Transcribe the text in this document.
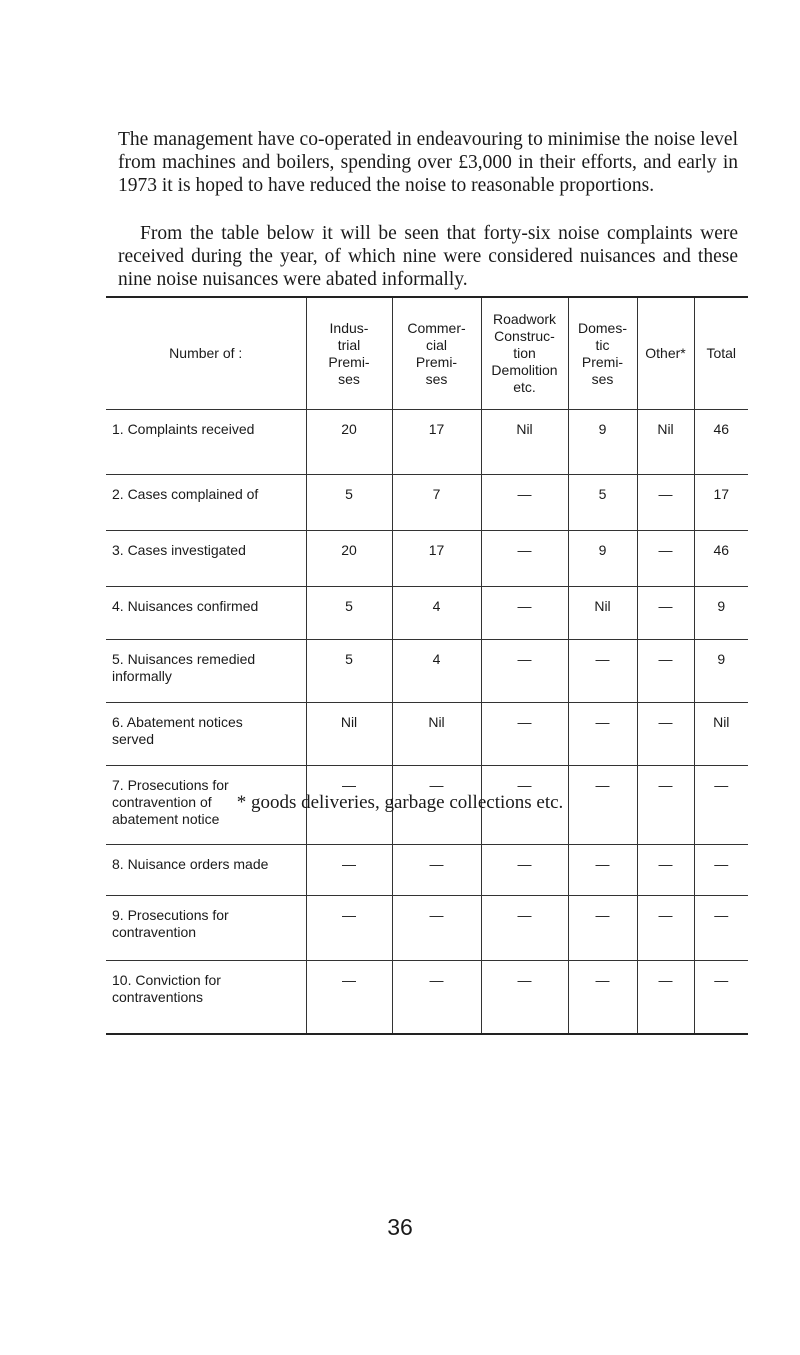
The management have co-operated in endeavouring to minimise the noise level from machines and boilers, spending over £3,000 in their efforts, and early in 1973 it is hoped to have reduced the noise to reasonable proportions.

From the table below it will be seen that forty-six noise complaints were received during the year, of which nine were considered nuisances and these nine noise nuisances were abated informally.

Number of :	Indus-
trial
Premi-
ses	Commer-
cial
Premi-
ses	Roadwork
Construc-
tion
Demolition
etc.	Domes-
tic
Premi-
ses	Other*	Total
1. Complaints received	20	17	Nil	9	Nil	46
2. Cases complained of	5	7	—	5	—	17
3. Cases investigated	20	17	—	9	—	46
4. Nuisances confirmed	5	4	—	Nil	—	9
5. Nuisances remedied
informally	5	4	—	—	—	9
6. Abatement notices
served	Nil	Nil	—	—	—	Nil
7. Prosecutions for
contravention of
abatement notice	—	—	—	—	—	—
8. Nuisance orders made	—	—	—	—	—	—
9. Prosecutions for
contravention	—	—	—	—	—	—
10. Conviction for
contraventions	—	—	—	—	—	—
* goods deliveries, garbage collections etc.
36
